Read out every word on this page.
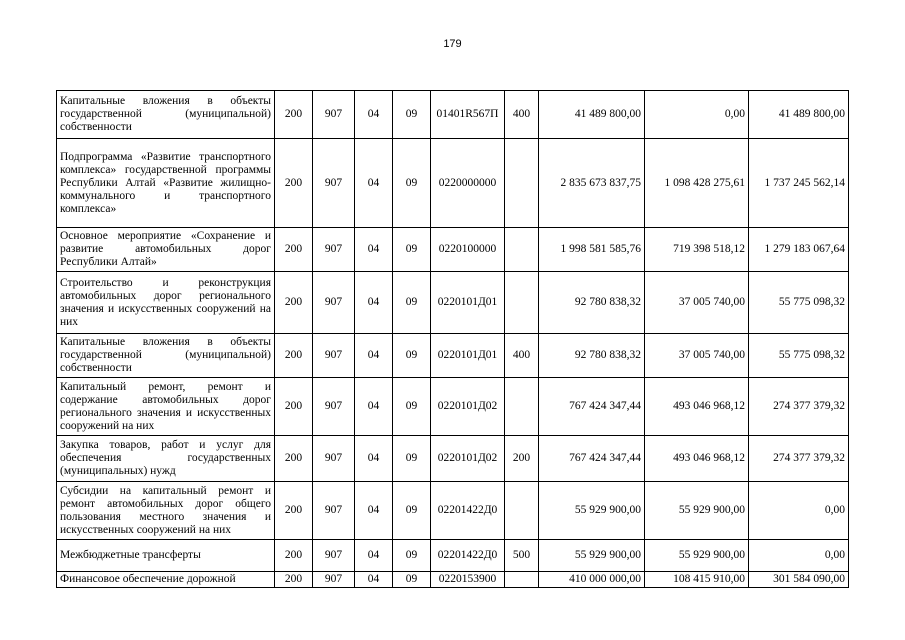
179
Капитальные вложения в объекты государственной (муниципальной) собственности	200	907	04	09	01401R567П	400	41 489 800,00	0,00	41 489 800,00
Подпрограмма «Развитие транспортного комплекса» государственной программы Республики Алтай «Развитие жилищно-коммунального и транспортного комплекса»	200	907	04	09	0220000000		2 835 673 837,75	1 098 428 275,61	1 737 245 562,14
Основное мероприятие «Сохранение и развитие автомобильных дорог Республики Алтай»	200	907	04	09	0220100000		1 998 581 585,76	719 398 518,12	1 279 183 067,64
Строительство и реконструкция автомобильных дорог регионального значения и искусственных сооружений на них	200	907	04	09	0220101Д01		92 780 838,32	37 005 740,00	55 775 098,32
Капитальные вложения в объекты государственной (муниципальной) собственности	200	907	04	09	0220101Д01	400	92 780 838,32	37 005 740,00	55 775 098,32
Капитальный ремонт, ремонт и содержание автомобильных дорог регионального значения и искусственных сооружений на них	200	907	04	09	0220101Д02		767 424 347,44	493 046 968,12	274 377 379,32
Закупка товаров, работ и услуг для обеспечения государственных (муниципальных) нужд	200	907	04	09	0220101Д02	200	767 424 347,44	493 046 968,12	274 377 379,32
Субсидии на капитальный ремонт и ремонт автомобильных дорог общего пользования местного значения и искусственных сооружений на них	200	907	04	09	02201422Д0		55 929 900,00	55 929 900,00	0,00
Межбюджетные трансферты	200	907	04	09	02201422Д0	500	55 929 900,00	55 929 900,00	0,00
Финансовое обеспечение дорожной	200	907	04	09	0220153900		410 000 000,00	108 415 910,00	301 584 090,00
